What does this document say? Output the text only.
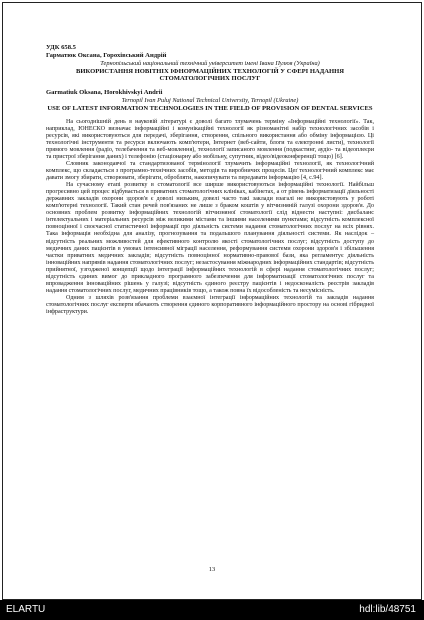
УДК 658.5
Гарматюк Оксана, Горохівський Андрій
Тернопільський національний технічний університет імені Івана Пулюя (Україна)
ВИКОРИСТАННЯ НОВІТНІХ ІФНОРМАЦІЙНИХ ТЕХНОЛОГІЙ У СФЕРІ НАДАННЯ СТОМАТОЛОГІЧНИХ ПОСЛУГ
Garmatiuk Oksana, Horokhivskyi Andrii
Ternopil Ivan Puluj National Technical University, Ternopil (Ukraine)
USE OF LATEST INFORMATION TECHNOLOGIES IN THE FIELD OF PROVISION OF DENTAL SERVICES

На сьогоднішній день в науковій літературі є доволі багато тлумачень терміну «Інформаційні технології». Так, наприклад, ЮНЕСКО визначає інформаційні і комунікаційні технології як різноманітні набір технологічних засобів і ресурсів, які використовуються для передачі, зберігання, створення, спільного використання або обміну інформацією. Ці технологічні інструменти та ресурси включають комп'ютери, Інтернет (веб-сайти, блоги та електронні листи), технології прямого мовлення (радіо, телебачення та веб-мовлення), технології записаного мовлення (подкастинг, аудіо- та відеоплеєри та пристрої зберігання даних) і телефонію (стаціонарну або мобільну, супутник, відео/відеоконференції тощо) [6].

Словник законодавчої та стандартизованої термінології тлумачить інформаційні технології, як технологічний комплекс, що складається з програмно-технічних засобів, методів та виробничих процесів. Цеґ технологічний комплекс має давати змогу збирати, створювати, зберігати, обробляти, накопичувати та передавати інформацію [4, с.94].

На сучасному етапі розвитку в стоматології все ширше використовуються інформаційні технології. Найбільш прогресивно цей процес відбувається в приватних стоматологічних клініках, кабінетах, а от рівень інформатизації діяльності державних закладів охорони здоров'я є доволі низьким, довелі часто такі заклади взагалі не використовують у роботі комп'ютерні технології. Такий стан речей пов'язаних не лише з браком коштів у вітчизняній галузі охорони здоров'я. До основних проблем розвитку інформаційних технологій вітчизняної стоматології слід віднести наступні: дисбаланс інтелектуальних і матеріальних ресурсів між великими містами та іншими населеними пунктами; відсутність комплексної повноцінної і своєчасної статистичної інформації про діяльність системи надання стоматологічних послуг на всіх рівнях. Така інформація необхідна для аналізу, прогнозування та подальшого планування діяльності системи. Як наслідок – відсутність реальних можливостей для ефективного контролю якості стоматологічних послуг; відсутність доступу до медичних даних пацієнтів в умовах інтенсивної міграції населення, реформування системи охорони здоров'я і збільшення частки приватних медичних закладів; відсутність повноцінної нормативно-правової бази, яка регламентує діяльність інноваційних напрямів надання стоматологічних послуг; незастосування міжнародних інформаційних стандартів; відсутність прийнятної, узгодженої концепції щодо інтеграції інформаційних технологій в сфері надання стоматологічних послуг; відсутність єдиних вимог до прикладного програмного забезпечення для інформатизації стоматологічних послуг та впровадження інноваційних рішень у галузі; відсутність єдиного реєстру пацієнтів і недосконалість реєстрів закладів надання стоматологічних послуг, медичних працівників тощо, а також повна їх відособленість та несумісність.

Одним з шляхів розв'язання проблеми взаємної інтеграції інформаційних технологій та закладів надання стоматологічних послуг експерти вбачають створення єдиного корпоративного інформаційного простору на основі гібридної інфраструктури.

13
ELARTU	hdl:lib/48751
